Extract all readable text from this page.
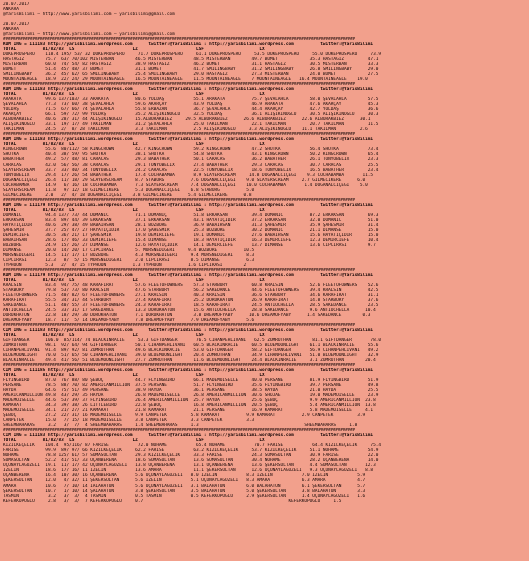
20.07.2017
ANKARA
@YarisBilimi — http://www.yarisbilimi.com — yarisbilimi@gmail.com
20.07.2017
ANKARA
@YarisBilimi — http://www.yarisbilimi.com — yarisbilimi@gmail.com
################################################################################################################################################
KUM ING = 111183 http://yarisbilimi.wordpress.com      twitter:@YarisBilimi : http://yarisbilimi.wordpress.com          twitter:@YarisBilimi
TOTAL          81/82/83  LS                      LZ                      LSF                     LX
DUKEPROSPERO    118.4 195/ 53/ 32 DUKEPROSPERO     71.7 DUKEPROSPERO     61.1 DUKEPROSPERO     53.5 DUKEPROSPERO     55.0 DUKEPROSPERO     73.9
HASTAGIZ        75.7  63/ 70/102 MISTERBAN        46.5 MISTERBAN        48.5 MISTERBAN        49.7 BUMET            35.3 HASTAGIZ         47.1
MISTERBAN       60.0  74/ 54/ 82 HASTAGIZ         38.9 HASTAGIZ         46.2 BUMET            31.1 HASTAGIZ         30.5 MISTERBAN        33.3
BUMET           51.4  45/ 48/ 37 BUMET            31.1 BUMET            41.7 SMILINGBABY      31.2 SMILINGBABY      26.8 SMILINGBABY      29.0
SMILINGBABY     36.2  45/ 62/ 65 SMILINGBABY      25.4 SMILINGBABY      29.0 HASTAGIZ         27.3 MISTERBAN        24.0 BUMET            27.5
MOUNTAINEAGLE   18.9  22/ 24/ 29 MOUNTAINEAGLE    16.5 MOUNTAINEAGLE    11.5 MOUNTAINEAGLE    7 MOUNTAINEAGLE   16.4 MOUNTAINEAGLE    19.0
################################################################################################################################################
KUM ING = 111183 http://yarisbilimi.wordpress.com      twitter:@YarisBilimi : http://yarisbilimi.wordpress.com          twitter:@YarisBilimi
TOTAL          81/82/83  LS                      LZ                      LSF                     LX
ARAKATA         99.6 137/103/ 33 ARAKATA          80.6 YOLDAŞ           55.1 ARAKATA          75.7 ŞEVALAHLA        58.0 ŞEVALAHLA        57.5
ŞEVALAHLA       77.3  73/ 60/ 38 ŞEVALAHLA        59.6 AKARÇAY          43.9 YOLDAŞ           46.9 ARAKATA          47.6 AKARÇAY          45.3
YOLDAŞ          71.5  67/ 66/ 74 ŞEVALAHLA        55.8 ERBAZAN          36.7 ŞEVALAHLA        44.4 AKARÇAY          42.7 YOLDAŞ           36.6
AKARÇAY         66.1  59/ 72/ 99 YOLDAŞ           35.2 ALİŞİKİNOĞLU     32.5 YOLDAŞ           36.1 ALİŞİKİNOĞLU     30.5 ALİŞİKİNOĞLU     30.3
ALBURAKBİEZ     40.6  28/ 31/ 44 ALİŞİKİNOĞLU     15.ALBURAKBİEZ     29.5 ALBURAKBİEZ      26.6 ALBURAKBİEZ      22.6 ALBURAKBİEZ      30.1
ALİŞİKİNOĞLU    33.1  19/ 17/ 49 TAKILMAN         31.2 ŞEVALAHLA        25.0 TAKILMAN         22.1 TAKILMAN         20.7 TAKILMAN         11.5
TAKILMAN        24.5  2/  8/ 28 TAKILMAN          3.3 TAKILMAN          2.5 ALİŞİKİNOĞLU     3.3 ALİŞİKİNOĞLU    11.1 TAKILMAN         2.6
################################################################################################################################################
KUM ING = 111183 http://yarisbilimi.wordpress.com      twitter:@YarisBilimi : http://yarisbilimi.wordpress.com          twitter:@YarisBilimi
TOTAL          81/82/83  LS                      LZ                      LSF                     LX
KINGCROWN       55.6  80/112/ 58 KINGCROWN        42.7 KINGCROWN        59.2 KINGCROWN        47.2 SHUTKA           56.4 SHUTKA           73.4
SHUTKA          40.4  38/ 59/ 95 SHUTKA           38.1 SHUTKA           54.8 SHUTKA           43.1 KINGCROWN        50.2 KINGCROWN        65.4
BABATHER        49.2  57/ 48/ 81 CARACAS          29.3 BABATHER         50.1 CARACAS          36.2 BABATHER         26.1 TONYOBELIX       23.3
CARACAS         42.0  56/ 56/ 38 CARACAS          29.1 TONYOBELIX       27.4 BABATHER         29.3 CARACAS          30.7 CARACAS          25.5
SLAYERSCREAM    33.7  33/ 40/ 34 TONYOBELIX       24.2 CARACAS          22.5 TONYOBELIX       18.6 TONYOBELIX       16.5 BABATHER         23.4
TONYOBELIX      29.4  17/ 26/ 54 BABATHER         17.4 COCHABAMBA       8.9 SLAYERSCREAM     14.8 DOGANALCİÇEĞİ    9.3 COCHABAMBA       11.5
DOĞANALCİÇEĞİ   26.4  11/ 18/ 29 SLAYERSCREAM     8.7 STABURG          7.6 DOGANALCİÇEĞİ    9.0 SLAYERSCREAM     2.7 GILMECIKERE      6.0
COCHABAMBA      14.9   6/ 16/ 18 COCHABAMBA       7.3 SLAYERSCREAM     7.4 DOGANALCİÇEĞİ    10.0 COCHABAMBA       1.4 DOĞANALCİÇEĞİ    5.0
SLAYERSCREAM    11.8   9/ 12/ 18 GILMECIKERE      5.3 DOGANALCİÇEĞİ    6.8 STABURG          5.0
GILMECIKERE     2.0   2/  4/ 18 DOGANALCİÇEĞİ    3.8 GILMECIKERE      5.4 GILMECIKERE      0.8
################################################################################################################################################
KUM ING = 111179 http://yarisbilimi.wordpress.com      twitter:@YarisBilimi : http://yarisbilimi.wordpress.com          twitter:@YarisBilimi
TOTAL          81/82/83  LS                      LZ                      LSF                     LX
DOMANIC         94.4 137/ 73/ 44 DOMANIC          71.1 DOMANİÇ          51.8 ERKAKSAN         39.4 DOMANIC          87.2 ERKAKSAN         69.3
ERKAKSAN        83.4  89/ 44/ 39 ERKAKSAN         37.1 ERKAKSAN         43.1 HAYATİÇİDİR      37.2 ERKAKSAN         32.0 DOMANIC          51.0
HAYATİÇİDİR     40.6  29/ 38/ 49 BABAİHSAN        28.1 BOZBORE          36.9 BABAİHSAN        31.3 ŞAHESMIR         35.9 ŞAHESMIR         31.4
ŞAHESMIR        37.7  25/ 47/ 27 HAYATİÇİDİR      17.0 ŞAHESMIR         25.3 BOZBORE          30.2 DOMANIC          21.1 DİMANSE          15.0
DEMIRCİEFE      30.5  36/ 21/ 17 ŞAHESMIR         19.8 DEMIRCİEFE       19.1 DOMANIC          27.6 BABAİHSAN        15.6 HAYATİÇİDİR      15.0
BABAİHSAN       28.6  17/ 46/ 33 DEMIRCİEFE       15.4 DİMANSE          18.3 HAYATİÇİDİR      16.3 DEMIRCİEFE       12.3 DEMIRCİEFE       10.4
BOZBORE         24.9  15/ 26/ 27 DİMANSE          12.6 HAYATİÇİDİR      14.1 DEMIRCİEFE       13.7 DİMANSE          13.6 CİPCİRASI        9.7
DİMANSE         20.0  14/ 20/ 17 CİPCİRASI        5. MURSNEDİGERİ     9.4 BOZBORE          10.5
MURSNEDİGERİ    14.5  11/ 17/ 17 BOZBORE          4.3 MURSNEDİGERİ     9.4 MURSNEDİGERİ     8.3
CİPCİRASI       12.3   8/  5/ 15 MURSNEDİGERİ     2.0 CİPCİRASI        8.5 DİMANSE          6.3
TYPHOON         5.3   2/  4/ 15 TYPHOON          1.3 TYPHOON          1.6 CİPCİRASI        2
################################################################################################################################################
KUM ING = 111179 http://yarisbilimi.wordpress.com      twitter:@YarisBilimi : http://yarisbilimi.wordpress.com          twitter:@YarisBilimi
TOTAL          81/82/83  LS                      LZ                      LSF                     LX
KRALSIN         83.4  94/ 75/ 48 KARAFIRAT        57.6 FLEETOFOWNERS    57.3 STARBURY         60.8 KRALSIN          52.6 FLEETOFOWNERS    52.6
STARBURY        79.8  53/ 73/ 80 KRALSIN          47.6 STARBURY         56.2 SAKEDANCE        44.6 FLEETOFOWNERS    39.4 KRALSIN          42.5
FLEETOFOWNERS   71.5  40/ 82/ 67 FLEETOFOWNERS    27.1 KRALSIN          40.3 KRALSIN          36.6 STARBURY         34.6 KARAFIRAT        31.1
KARAFIRAT       55.5  34/ 31/ 44 STARBURY         27.4 KARAFIRAT        25.2 DORUKHATUN       26.9 KARAFIRAT        14.8 STARBURY         37.6
SAKEDANCE       51.1  40/ 55/ 37 FLEETOFOWNERS    24.3 KARAFIRAT        18.5 KARAFIRAT        24.5 ANTIOCHELLA      28.5 SAKEDANCE        23.5
ANTIOCHELLA     24.5  33/ 31/ 17 SAKEDANCE        13.3 DORUKHATUN       15.6 ANTIOCHELLA      28.8 SAKEDANCE        9.6 ANTIOCHELLA      10.4
DORUKHATUN      22.8  18/ 29/ 30 DORUKHATUN       7.1 DORUKHATUN        3.8 DREAMOFYABY      10.6 DREAMOFYABY      1.4 SAKEDANCE        0.3
DREAMOFYABY     18.7  11/  5/ 14 DREAMOFYABY      7.8 DREAMOFYABY      7.9 DREAMOFYABY      5.6
################################################################################################################################################
CİM ING = 111183 http://yarisbilimi.wordpress.com      twitter:@YarisBilimi : http://yarisbilimi.wordpress.com          twitter:@YarisBilimi
TOTAL          81/82/83  LS                      LZ                      LSF                     LX
GİFTDANGER      106.0  85/114/ 74 BLACKINRACIE     53.3 GİFTDANGER       76.5 CİHANPEHLİVANI   62.5 ZÜMRÜTHAN        81.1 GİFTDANGER       78.0
ZÜMRÜTHAN       98.1  92/ 64/ 94 GİFTDANGER       50.1 CİHANPEHLİVANI   60.5 BLACKINRACIE     60.5 BLUEMOONLIGHT    61.1 BLACKINRACIE     55.6
CİHANPEHLİVANI  91.4  89/ 92/ 81 ZÜMRÜTHAN        49.6 BLACKINRACIE     53.0 GİFTDANGER       58.2 GİFTDANGER       56.9 CİHANPEHLİVANI   49.2
BLUEMOONLIGHT   70.0  51/ 65/ 50 CİHANPEHLİVANI   39.0 BLUEMOONLIGHT    20.4 ZÜMRÜTHAN        34.9 CİHANPEHLİVANI   51.0 BLUEMOONLIGHT    32.9
BLACKINRACIE    49.4  41/ 56/ 51 BLUEMOONLIGHT    27.7 ZÜMRÜTHAN        11.6 BLUEMOONLIGHT    24.4 BLACKINRACIE     3.1 ZÜMRÜTHAN        20.4
################################################################################################################################################
CİM ING = 111185 http://yarisbilimi.wordpress.com      twitter:@YarisBilimi : http://yarisbilimi.wordpress.com          twitter:@YarisBilimi
TOTAL          81/82/83  LS                      LZ                      LSF                     LX
FLYINGBIRD      87.0  76/ 88/ 80 ŞEBOÇ            44.7 FLYINGBIRD       66.1 MADEMOISELLE     40.0 PERSANE          81.9 FLYINGBIRD       51.9
PERSANE         78.5  88/ 70/ 82 AMERICANMILLION  37.5 PERSANE          51.7 FLYINGBIRD       35.6 FLYINGBIRD       39.7 PERSANE          49.8
HAYDA           64.6  75/ 51/ 49 PERSANE          38.9 HAYDA            36.1 PERSANE          38.5 HAYDA            21.0 HAYDA            25.5
AMERICANMILLION 49.8  43/ 29/ 35 HAYDA            26.8 MADEMOISELLE     26.8 AMERICANMILLION  30.6 SHOJAE           19.0 MADEMOISELLE     23.9
MADEMOISELLE    44.6  53/ 39/ 37 FLYINGBIRD       26.4 AMERICANMILLION  25.7 HAYDA            25.6 ŞEBOÇ            9.9 AMERICANMILLION  23.8
KAMARAT         34.3  39/ 38/ 26 LITTLEBIRD       22.8 ŞEBOÇ            16.8 AMERICANMILLION  20.5 ŞEBOÇ            5.4 AMERICANMILLION  13.8
MADEMOISELLE    34.1  21/ 27/ 21 KAMARAT          21.8 KAMARAT          21.1 PERSANE          16.9 KAMARAT          5.8 MADEMOISELLE     4.1
ŞEBOÇ           27.2  22/ 31/ 16 MADEMOISELLE     9.9 CANPETEK         5.8 KAMARAT          9.9 KAMARAT          2.9 CANPETEK         3.9
CANPETEK        15.0   7/ 15/ 18 MADEMOISELLE     3.8 CANPETEK         3.3 CANPETEK         3.3
SHEEMBAHARAS     3.2   3/  7/  4 SHEEMBAHARAS     1.4 SHEEMBAHARAS     1.3                                        SHEEMBAHARAS     1.8
################################################################################################################################################
CİM ING = 111183 http://yarisbilimi.wordpress.com      twitter:@YarisBilimi : http://yarisbilimi.wordpress.com          twitter:@YarisBilimi
TOTAL          81/82/83  LS                      LZ                      LSF                     LX
KIZILKEÇELİK    104.4  95/116/ 87 FARISE           72.0 NOHAME           65.4 NOHAME           70.7 FARISE           64.4 KIZILKEÇELİK     75.4
FARISE          99.9  89/ 97/ 66 KIZILKEÇELİK     62.2 FARISE           63.2 KIZILKEÇELİK     53.7 KIZILKEÇELİK     51.1 NOHAME           54.9
NOHAME          78.8 125/ 61/ 57 SUMASULTAN       29.3 KIZILKEÇELİK     33.3 FARISE           24.3 SUMASULTAN       30.9 FARISE           22.0
SUMASULTAN      52.2  41/ 51/ 33 UÇANBERENA       18.6 SUMASULTAN       13.6 SUMASULTAN       30.4 NOHAME           28.2 UÇANBERENA       14.0
UÇUNAYLAĞUZELİ  19.1  11/ 17/ 42 UÇUNAYLAĞUZELİ   13.8 UÇANBERENA       13.1 UÇANBERENA       13.6 ŞEKERSULTAN      4.4 SUMASULTAN       12.3
İZELİN          18.6  17/ 16/ 11 İZELİN           13.6 AMARA            11.1 ŞEKERSULTAN      12.6 UÇUNAYLAĞUZELİ   9.3 UÇUNAYLAĞUZELİ   8.8
UÇANBERENA      16.4  10/ 30/ 16 UÇANBERENA       5.6 UÇUNAYLAĞUZELİ   8.0 İZELİN           8.3 İZELİN           7.0 İZELİN           5.9
ŞEKERSULTAN     12.0   4/ 32/ 11 ŞEKERSULTAN      5.6 İZELİN           5.1 UÇUNAYLAĞUZELİ   8.3 AMARA            6.3 AMARA            4.7
AMARA           10.6   7/ 10/ 14 İALAHATUN        5.6 UÇUNAYLAĞUZELİ   3.1 BALAHATUN        6.0 BALAHATUN        6.1 ŞEKERSULTAN      5.7
ŞEKERSULTAN     10.7   1/ 10/ 14 ŞALAHATUN        3.8 ŞEKERSULTAN      3.5 BALAHATUN        5.0 ŞEKERSULTAN      3.8 BALAHATUN        3.3
TASMIN           3.2   3/  3/  4 TASMIN           0.5 TASMIN           0.5 KEFERKÖPÜĞLÜ     2.9 ŞEKERSULTAN      1.4 UÇUNAYLAĞUZELİ   1.6
KEFERKÖPÜĞLÜ     2.8   3/  3/  7 KEFERKÖPÜĞLÜ     0.7                                                       KEFERKÖPÜĞLÜ     1.5
